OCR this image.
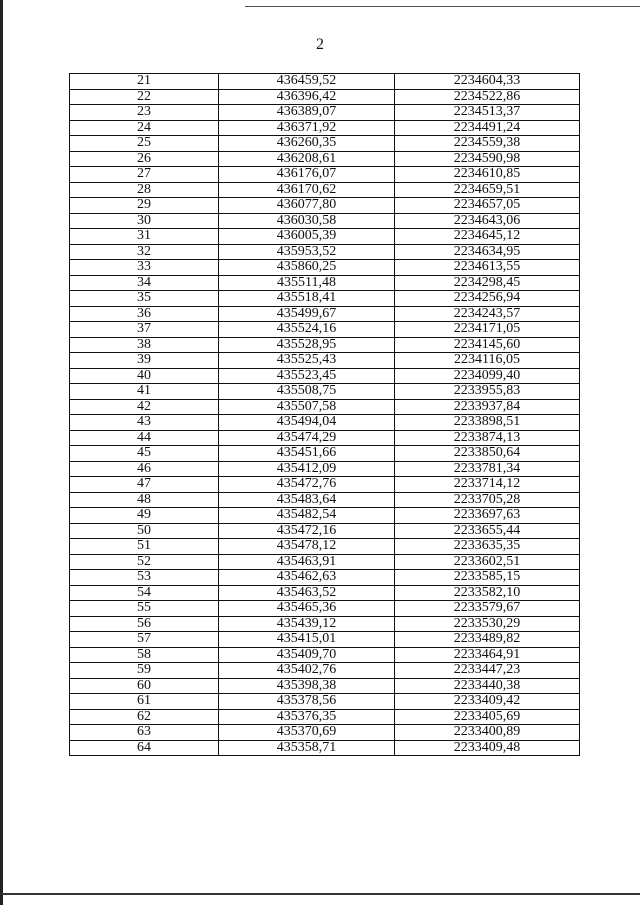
2
21	436459,52	2234604,33
22	436396,42	2234522,86
23	436389,07	2234513,37
24	436371,92	2234491,24
25	436260,35	2234559,38
26	436208,61	2234590,98
27	436176,07	2234610,85
28	436170,62	2234659,51
29	436077,80	2234657,05
30	436030,58	2234643,06
31	436005,39	2234645,12
32	435953,52	2234634,95
33	435860,25	2234613,55
34	435511,48	2234298,45
35	435518,41	2234256,94
36	435499,67	2234243,57
37	435524,16	2234171,05
38	435528,95	2234145,60
39	435525,43	2234116,05
40	435523,45	2234099,40
41	435508,75	2233955,83
42	435507,58	2233937,84
43	435494,04	2233898,51
44	435474,29	2233874,13
45	435451,66	2233850,64
46	435412,09	2233781,34
47	435472,76	2233714,12
48	435483,64	2233705,28
49	435482,54	2233697,63
50	435472,16	2233655,44
51	435478,12	2233635,35
52	435463,91	2233602,51
53	435462,63	2233585,15
54	435463,52	2233582,10
55	435465,36	2233579,67
56	435439,12	2233530,29
57	435415,01	2233489,82
58	435409,70	2233464,91
59	435402,76	2233447,23
60	435398,38	2233440,38
61	435378,56	2233409,42
62	435376,35	2233405,69
63	435370,69	2233400,89
64	435358,71	2233409,48
